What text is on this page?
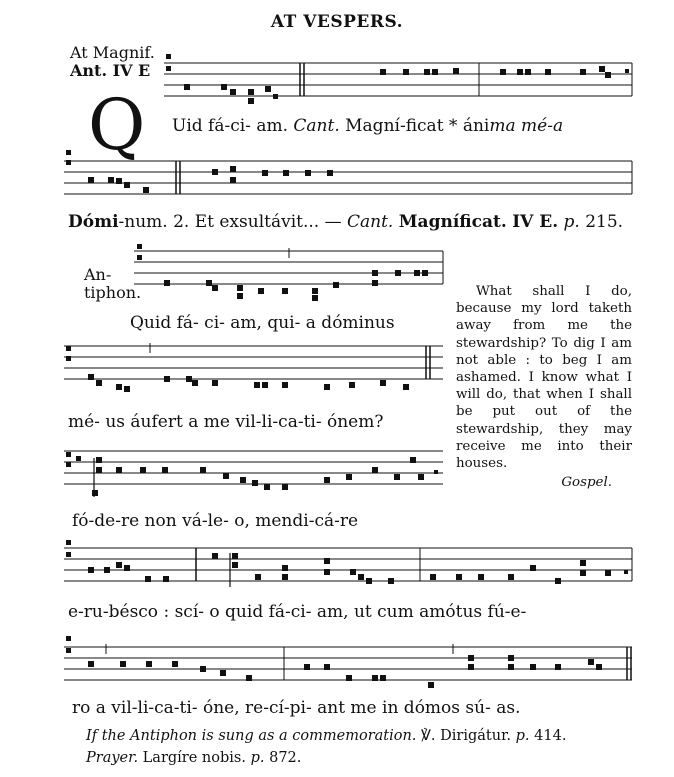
AT VESPERS.
At Magnif.
Ant. IV E
Q Uid fá-ci- am. Cant. Magní-ficat * ánima mé-a
Dómi-num. 2. Et exsultávit... — Cant. Magníficat. IV E. p. 215.
An-
tiphon.
Quid fá- ci- am, qui- a dóminus
mé- us áufert a me vil-li-ca-ti- ónem?
fó-de-re non vá-le- o, mendi-cá-re
e-ru-bésco : scí- o quid fá-ci- am, ut cum amótus fú-e-
ro a vil-li-ca-ti- óne, re-cí-pi- ant me in dómos sú- as.
What shall I do, because my lord taketh away from me the stewardship? To dig I am not able : to beg I am ashamed. I know what I will do, that when I shall be put out of the stewardship, they may receive me into their houses.
Gospel.
If the Antiphon is sung as a commemoration. ℣. Dirigátur. p. 414.
Prayer. Largíre nobis. p. 872.
